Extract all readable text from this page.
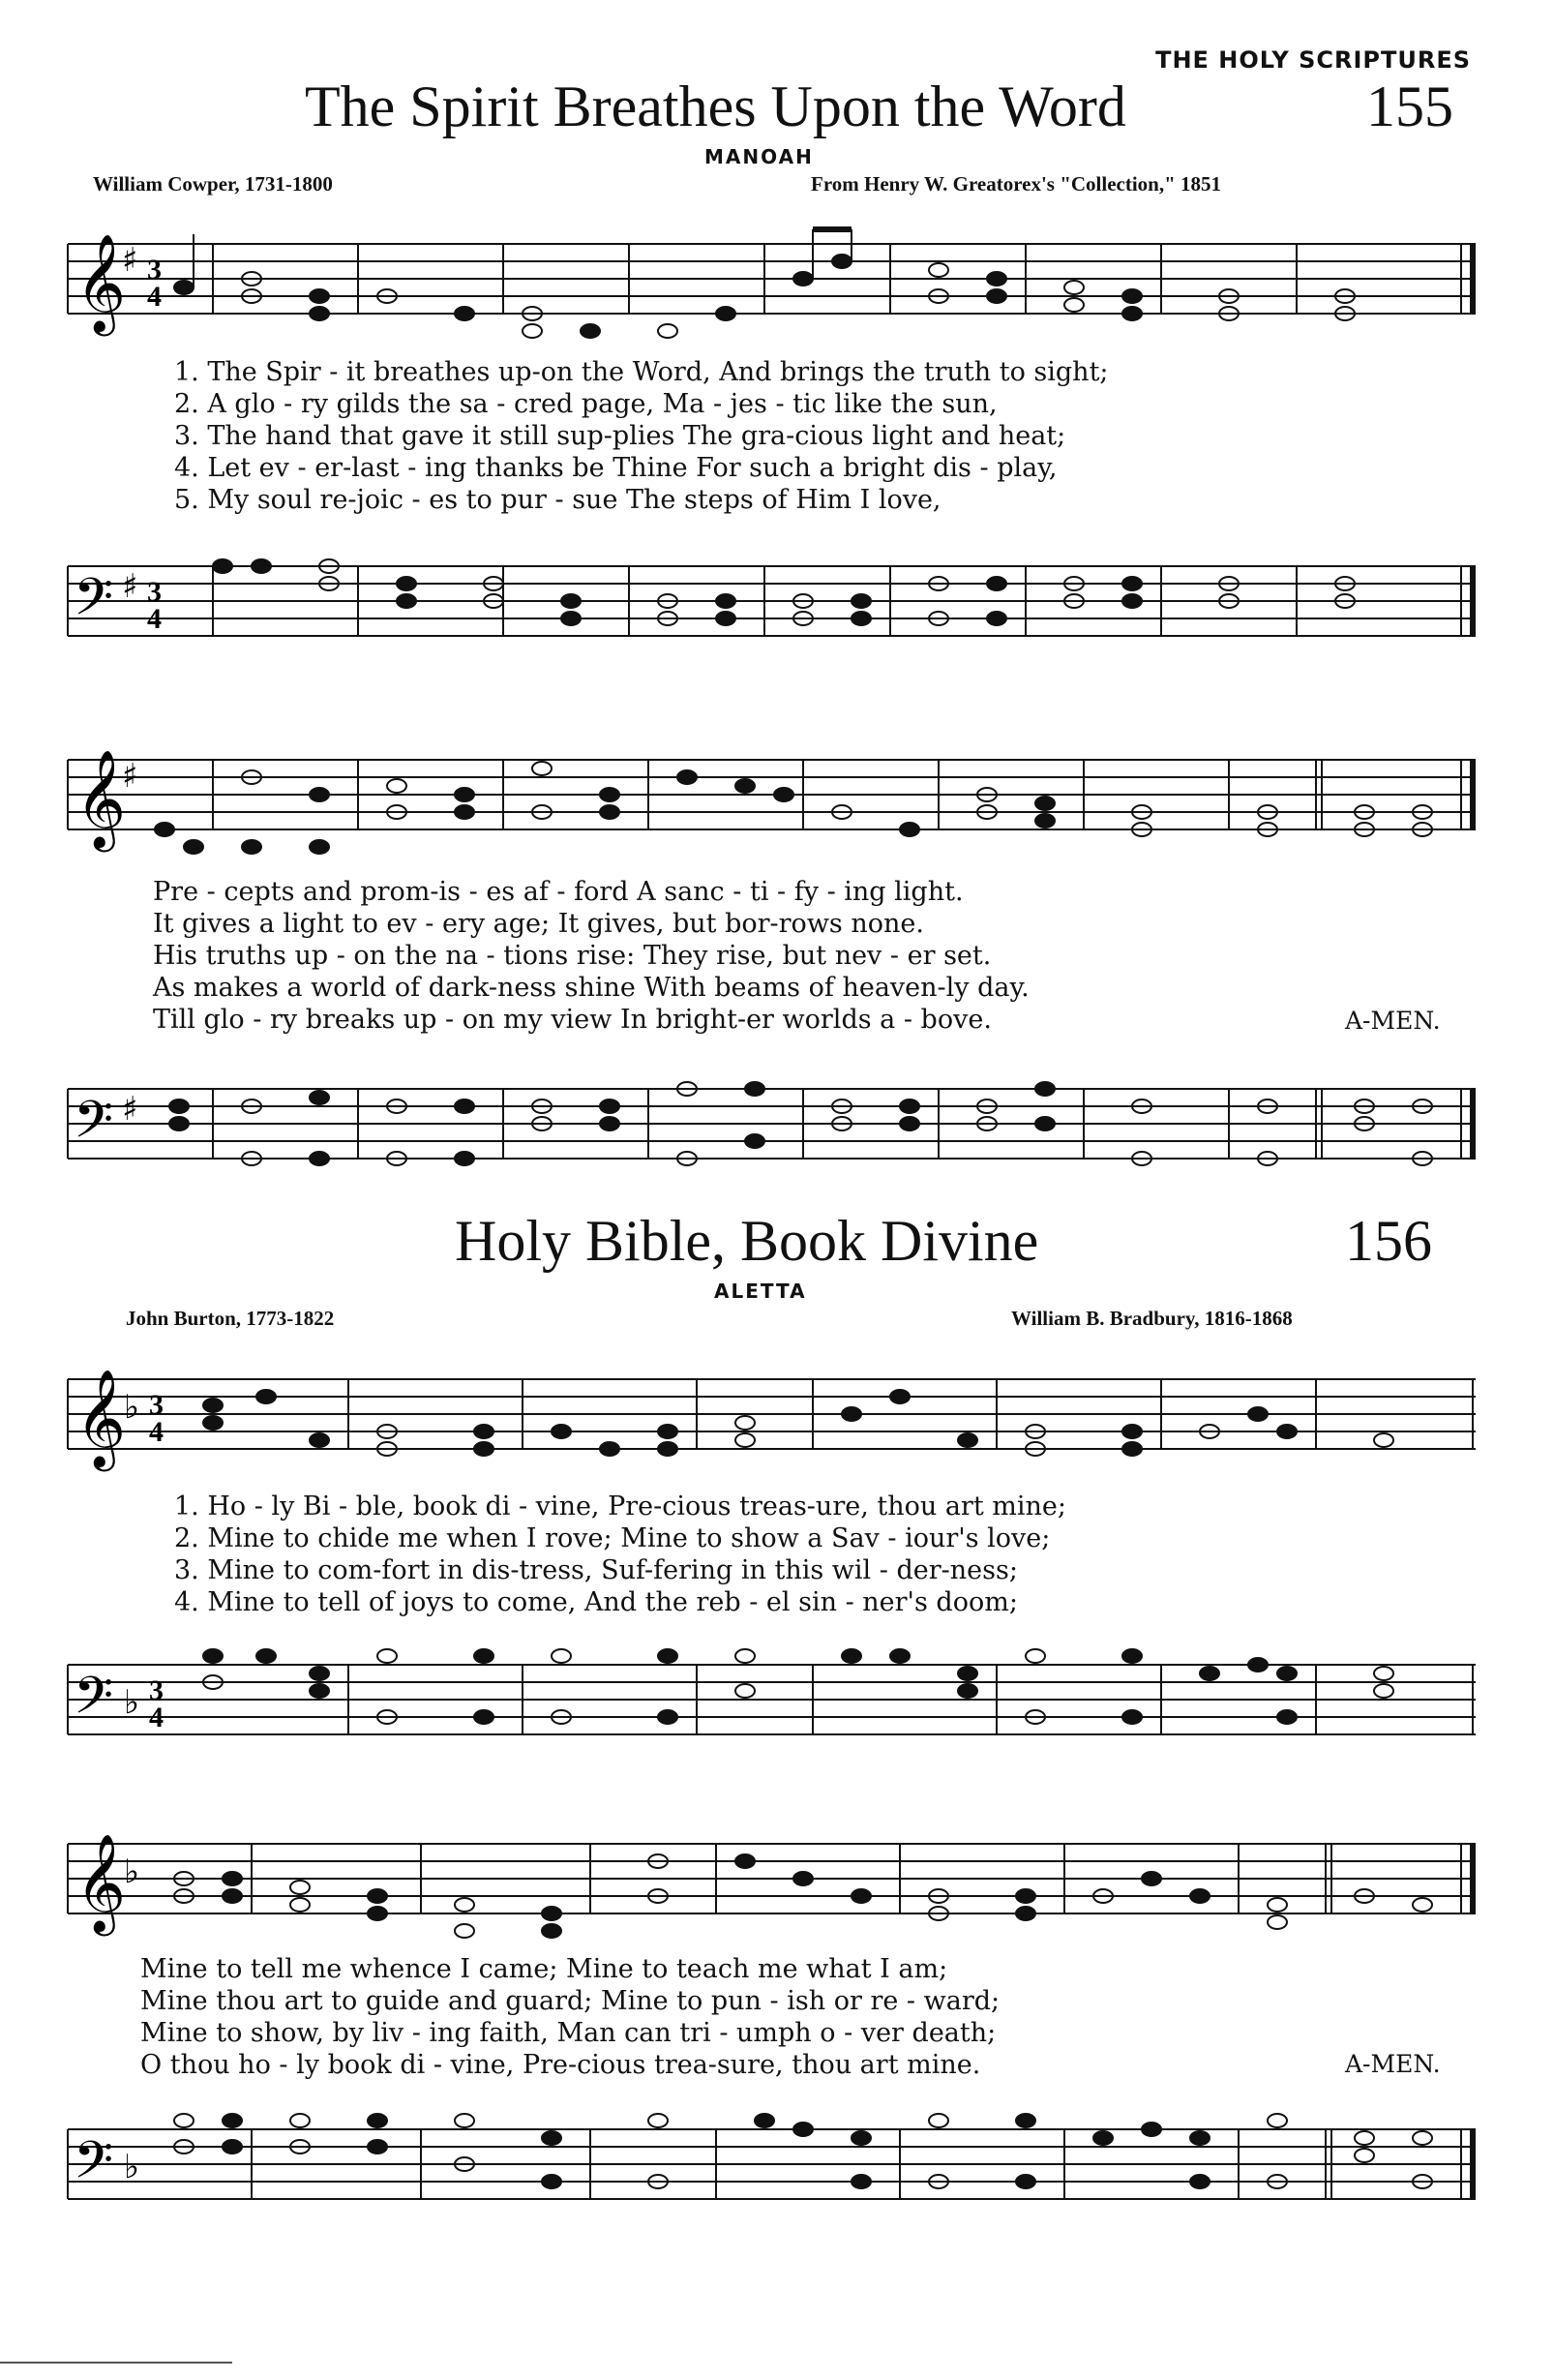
THE HOLY SCRIPTURES
The Spirit Breathes Upon the Word	155
MANOAH
William Cowper, 1731-1800	From Henry W. Greatorex's "Collection," 1851
𝄞
♯ 3
4
1. The Spir - it breathes up-on the Word, And brings the truth to sight;
2. A glo - ry gilds the sa - cred page, Ma - jes - tic like the sun,
3. The hand that gave it still sup-plies The gra-cious light and heat;
4. Let ev - er-last - ing thanks be Thine For such a bright dis - play,
5. My soul re-joic - es to pur - sue The steps of Him I love,
𝄢 ♯ 3
4
𝄞
♯
Pre - cepts and prom-is - es af - ford A sanc - ti - fy - ing light.
It gives a light to ev - ery age; It gives, but bor-rows none.
His truths up - on the na - tions rise: They rise, but nev - er set.
As makes a world of dark-ness shine With beams of heaven-ly day.
Till glo - ry breaks up - on my view In bright-er worlds a - bove.	A-MEN.
𝄢 ♯
Holy Bible, Book Divine	156
ALETTA
John Burton, 1773-1822	William B. Bradbury, 1816-1868
𝄞
♭ 3
4
1. Ho - ly Bi - ble, book di - vine, Pre-cious treas-ure, thou art mine;
2. Mine to chide me when I rove; Mine to show a Sav - iour's love;
3. Mine to com-fort in dis-tress, Suf-fering in this wil - der-ness;
4. Mine to tell of joys to come, And the reb - el sin - ner's doom;
𝄢 ♭ 3
4
𝄞
♭
Mine to tell me whence I came; Mine to teach me what I am;
Mine thou art to guide and guard; Mine to pun - ish or re - ward;
Mine to show, by liv - ing faith, Man can tri - umph o - ver death;
O thou ho - ly book di - vine, Pre-cious trea-sure, thou art mine.	A-MEN.
𝄢 ♭
